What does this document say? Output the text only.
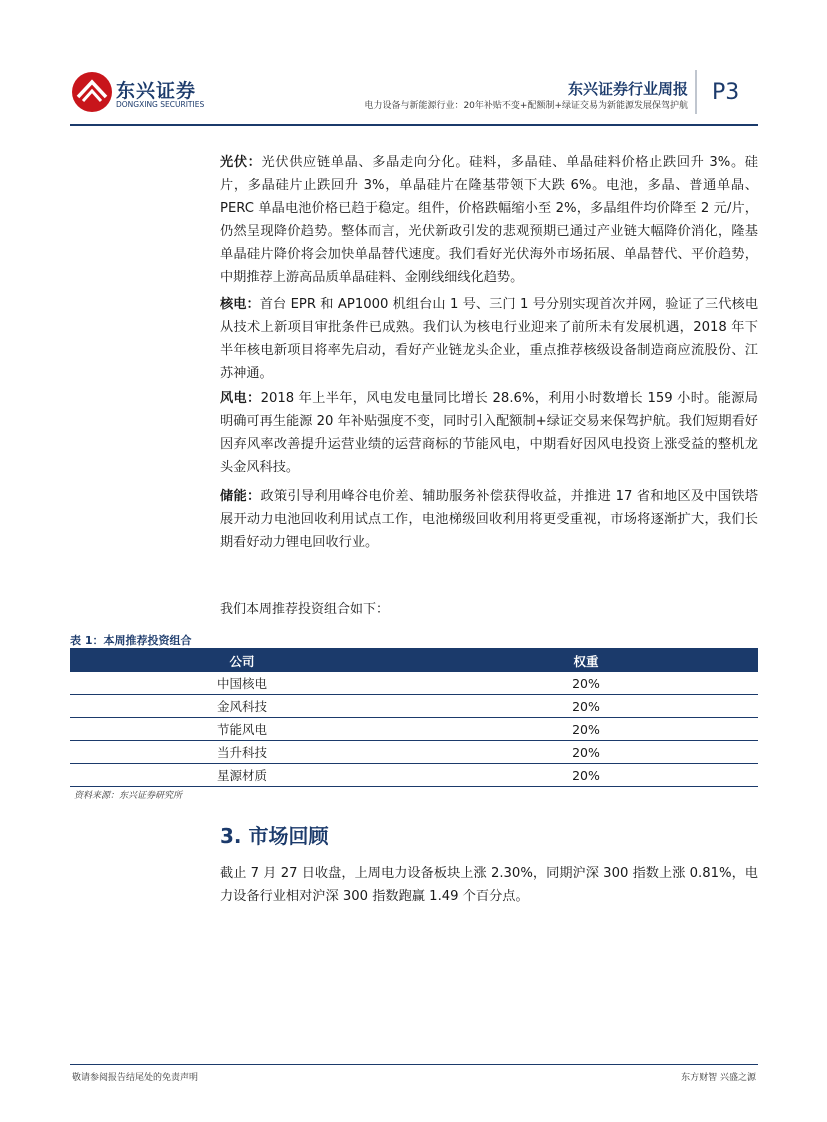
东兴证券
DONGXING SECURITIES
东兴证券行业周报
电力设备与新能源行业：20年补贴不变+配额制+绿证交易为新能源发展保驾护航
P3

光伏：光伏供应链单晶、多晶走向分化。硅料，多晶硅、单晶硅料价格止跌回升 3%。硅片，多晶硅片止跌回升 3%，单晶硅片在隆基带领下大跌 6%。电池，多晶、普通单晶、PERC 单晶电池价格已趋于稳定。组件，价格跌幅缩小至 2%，多晶组件均价降至 2 元/片，仍然呈现降价趋势。整体而言，光伏新政引发的悲观预期已通过产业链大幅降价消化，隆基单晶硅片降价将会加快单晶替代速度。我们看好光伏海外市场拓展、单晶替代、平价趋势，中期推荐上游高品质单晶硅料、金刚线细线化趋势。

核电：首台 EPR 和 AP1000 机组台山 1 号、三门 1 号分别实现首次并网，验证了三代核电从技术上新项目审批条件已成熟。我们认为核电行业迎来了前所未有发展机遇，2018 年下半年核电新项目将率先启动，看好产业链龙头企业，重点推荐核级设备制造商应流股份、江苏神通。

风电：2018 年上半年，风电发电量同比增长 28.6%，利用小时数增长 159 小时。能源局明确可再生能源 20 年补贴强度不变，同时引入配额制+绿证交易来保驾护航。我们短期看好因弃风率改善提升运营业绩的运营商标的节能风电，中期看好因风电投资上涨受益的整机龙头金风科技。

储能：政策引导利用峰谷电价差、辅助服务补偿获得收益，并推进 17 省和地区及中国铁塔展开动力电池回收利用试点工作，电池梯级回收利用将更受重视，市场将逐渐扩大，我们长期看好动力锂电回收行业。

我们本周推荐投资组合如下：
表 1：本周推荐投资组合
公司	权重
中国核电	20%
金风科技	20%
节能风电	20%
当升科技	20%
星源材质	20%
资料来源：东兴证券研究所
3. 市场回顾

截止 7 月 27 日收盘，上周电力设备板块上涨 2.30%，同期沪深 300 指数上涨 0.81%，电力设备行业相对沪深 300 指数跑赢 1.49 个百分点。

敬请参阅报告结尾处的免责声明	东方财智 兴盛之源
